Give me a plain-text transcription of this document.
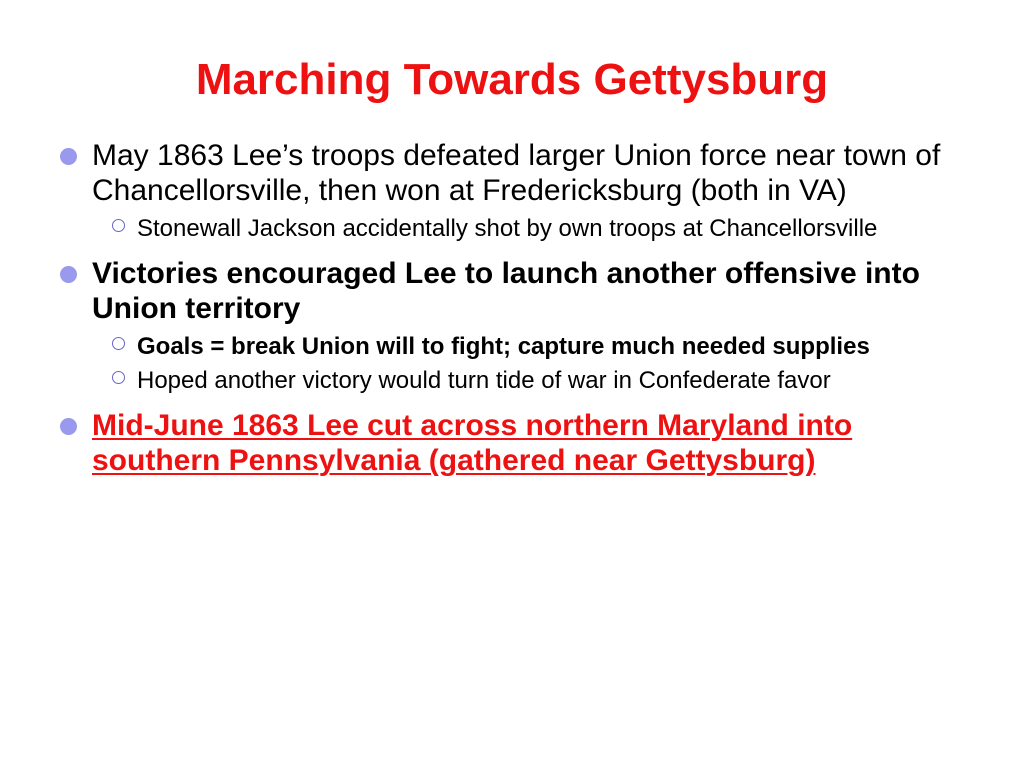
Marching Towards Gettysburg
May 1863 Lee’s troops defeated larger Union force near town of Chancellorsville, then won at Fredericksburg (both in VA)
Stonewall Jackson accidentally shot by own troops at Chancellorsville
Victories encouraged Lee to launch another offensive into Union territory
Goals = break Union will to fight; capture much needed supplies
Hoped another victory would turn tide of war in Confederate favor
Mid-June 1863 Lee cut across northern Maryland into southern Pennsylvania (gathered near Gettysburg)
